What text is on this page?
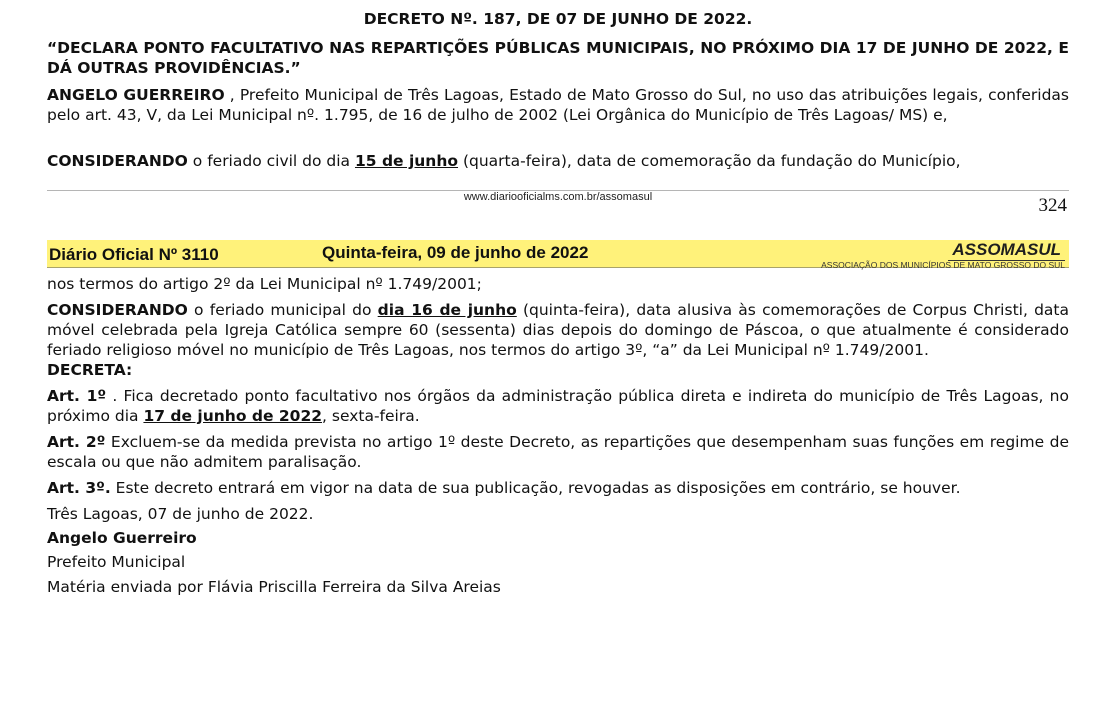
DECRETO Nº. 187, DE 07 DE JUNHO DE 2022.
“DECLARA PONTO FACULTATIVO NAS REPARTIÇÕES PÚBLICAS MUNICIPAIS, NO PRÓXIMO DIA 17 DE JUNHO DE 2022, E DÁ OUTRAS PROVIDÊNCIAS.”

ANGELO GUERREIRO , Prefeito Municipal de Três Lagoas, Estado de Mato Grosso do Sul, no uso das atribuições legais, conferidas pelo art. 43, V, da Lei Municipal nº. 1.795, de 16 de julho de 2002 (Lei Orgânica do Município de Três Lagoas/ MS) e,

CONSIDERANDO o feriado civil do dia 15 de junho (quarta-feira), data de comemoração da fundação do Município,

www.diariooficialms.com.br/assomasul	324
Diário Oficial Nº 3110	Quinta-feira, 09 de junho de 2022	ASSOMASUL
ASSOCIAÇÃO DOS MUNICÍPIOS DE MATO GROSSO DO SUL

nos termos do artigo 2º da Lei Municipal nº 1.749/2001;

CONSIDERANDO o feriado municipal do dia 16 de junho (quinta-feira), data alusiva às comemorações de Corpus Christi, data móvel celebrada pela Igreja Católica sempre 60 (sessenta) dias depois do domingo de Páscoa, o que atualmente é considerado feriado religioso móvel no município de Três Lagoas, nos termos do artigo 3º, “a” da Lei Municipal nº 1.749/2001.

DECRETA:

Art. 1º . Fica decretado ponto facultativo nos órgãos da administração pública direta e indireta do município de Três Lagoas, no próximo dia 17 de junho de 2022, sexta-feira.

Art. 2º Excluem-se da medida prevista no artigo 1º deste Decreto, as repartições que desempenham suas funções em regime de escala ou que não admitem paralisação.

Art. 3º. Este decreto entrará em vigor na data de sua publicação, revogadas as disposições em contrário, se houver.

Três Lagoas, 07 de junho de 2022.

Angelo Guerreiro

Prefeito Municipal

Matéria enviada por Flávia Priscilla Ferreira da Silva Areias
